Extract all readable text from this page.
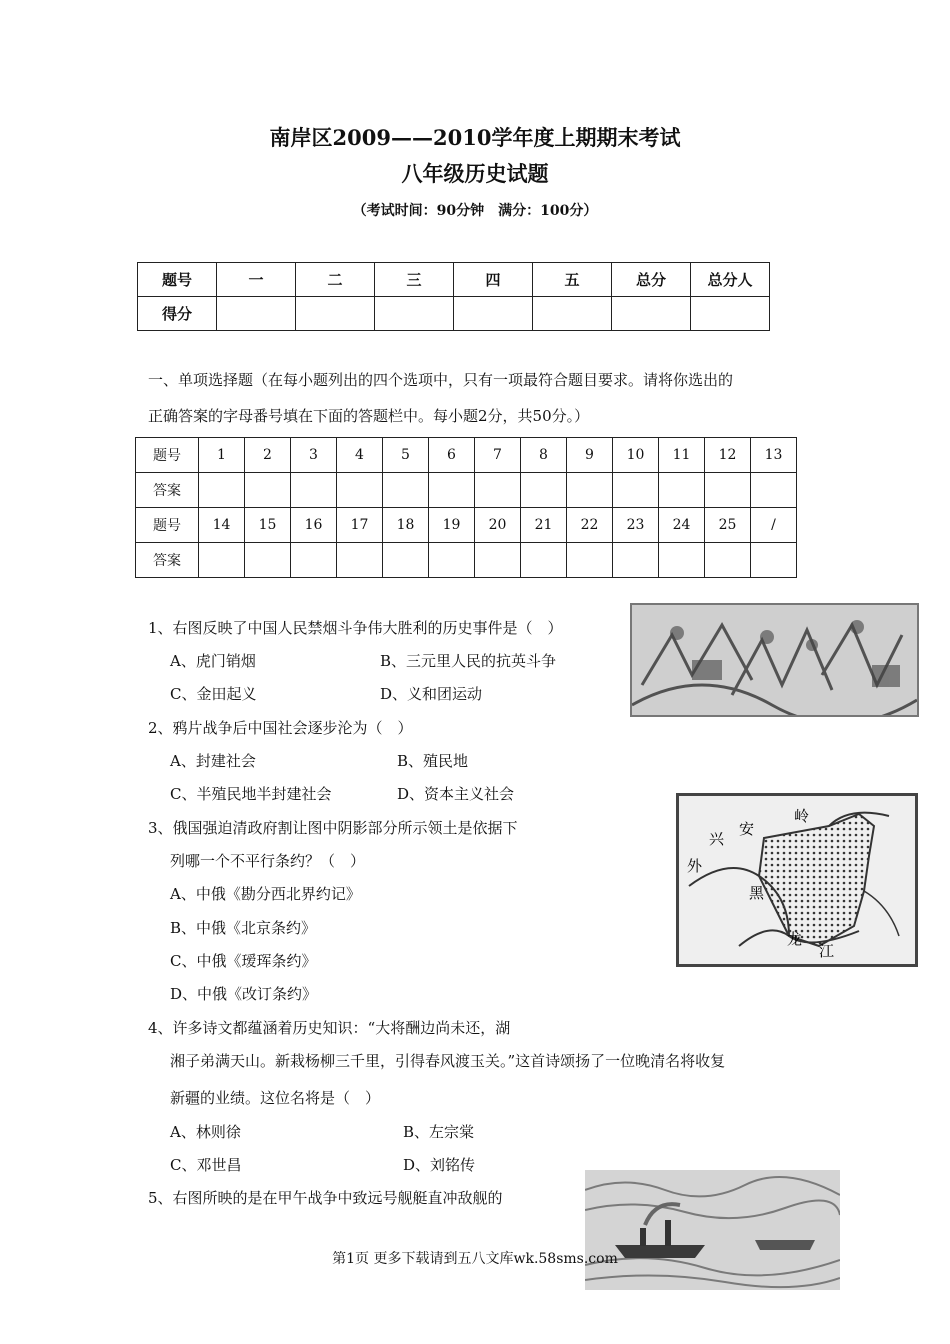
南岸区2009——2010学年度上期期末考试
八年级历史试题
（考试时间：90分钟　满分：100分）
题号	一	二	三	四	五	总分	总分人
得分							
一、单项选择题（在每小题列出的四个选项中，只有一项最符合题目要求。请将你选出的
正确答案的字母番号填在下面的答题栏中。每小题2分，共50分。）
题号	1	2	3	4	5	6	7	8	9	10	11	12	13
答案													
题号	14	15	16	17	18	19	20	21	22	23	24	25	/
答案													
1、右图反映了中国人民禁烟斗争伟大胜利的历史事件是（　）
A、虎门销烟	B、三元里人民的抗英斗争
C、金田起义	D、义和团运动
2、鸦片战争后中国社会逐步沦为（　）
A、封建社会	B、殖民地
C、半殖民地半封建社会	D、资本主义社会
3、俄国强迫清政府割让图中阴影部分所示领土是依据下
列哪一个不平行条约？（　）
A、中俄《勘分西北界约记》
B、中俄《北京条约》
C、中俄《瑷珲条约》
D、中俄《改订条约》
兴
安
岭
外
黑
龙
江
4、许多诗文都蕴涵着历史知识：“大将酬边尚未还，湖
湘子弟满天山。新栽杨柳三千里，引得春风渡玉关。”这首诗颂扬了一位晚清名将收复
新疆的业绩。这位名将是（　）
A、林则徐	B、左宗棠
C、邓世昌	D、刘铭传
5、右图所映的是在甲午战争中致远号舰艇直冲敌舰的
第1页 更多下载请到五八文库wk.58sms.com
